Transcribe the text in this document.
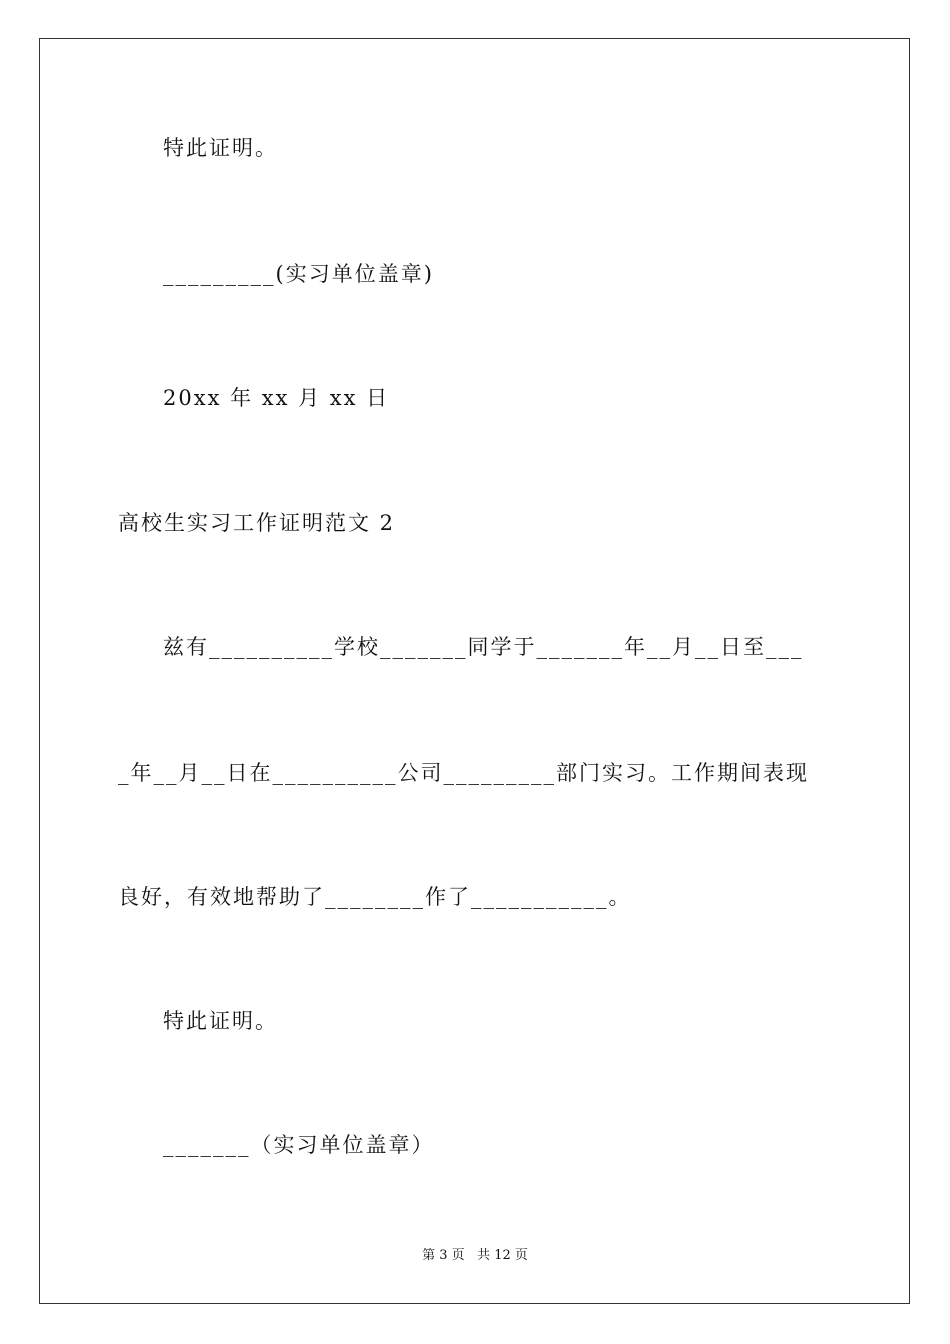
特此证明。
_________(实习单位盖章)
20xx 年 xx 月 xx 日
高校生实习工作证明范文 2
兹有__________学校_______同学于_______年__月__日至___
_年__月__日在__________公司_________部门实习。工作期间表现
良好，有效地帮助了________作了___________。
特此证明。
_______（实习单位盖章）
第 3 页   共 12 页
